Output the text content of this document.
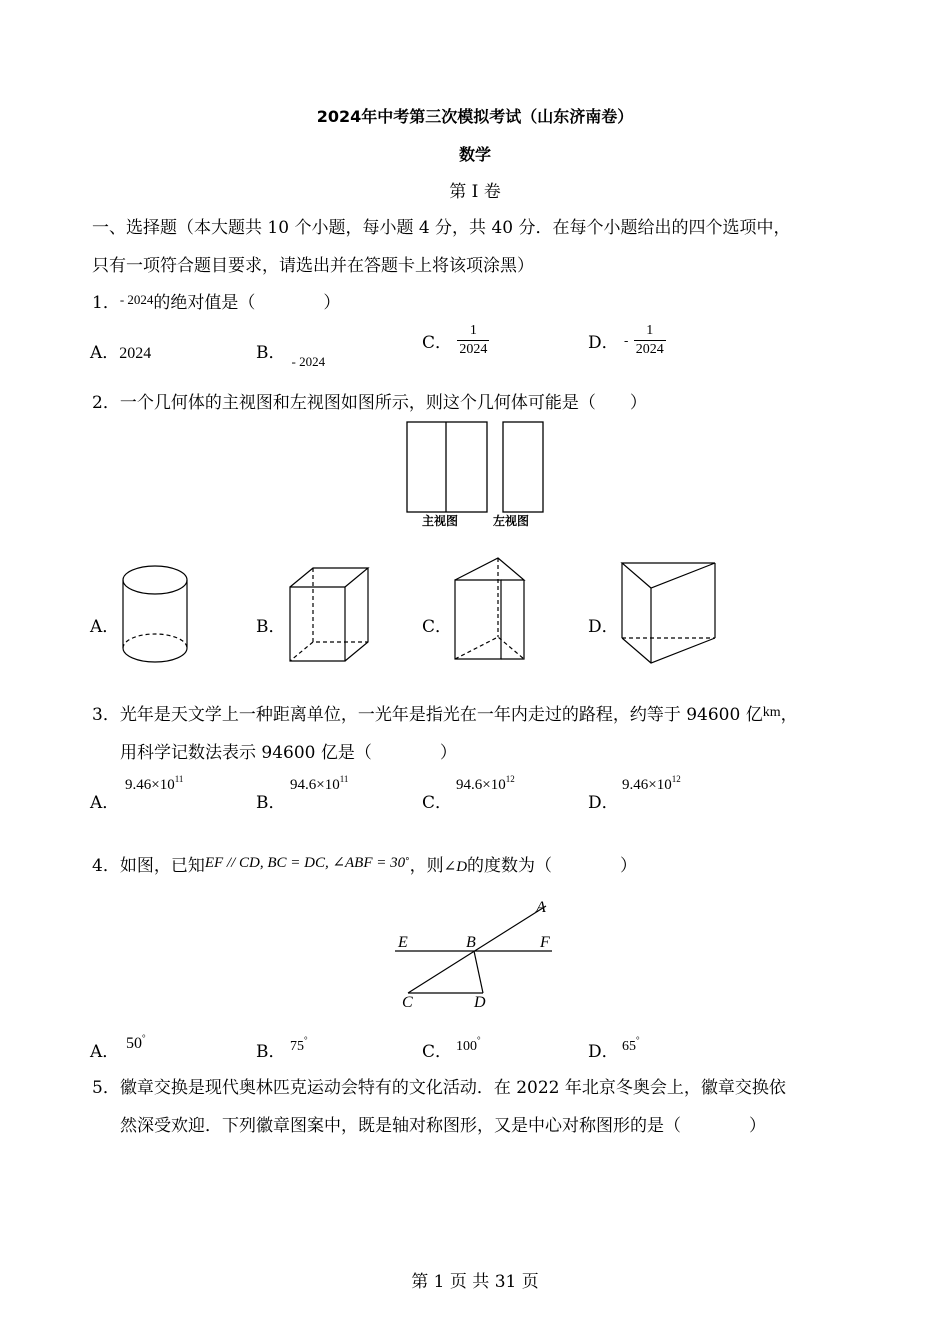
2024年中考第三次模拟考试（山东济南卷）
数学
第 I 卷
一、选择题（本大题共 10 个小题，每小题 4 分，共 40 分．在每个小题给出的四个选项中，
只有一项符合题目要求，请选出并在答题卡上将该项涂黑）
1．$^{- 2024}$的绝对值是（　　　　）
A．2024	B． $_{- 2024}$
C． $\frac{1}{2024}$	D． - $\frac{1}{2024}$
2．一个几何体的主视图和左视图如图所示，则这个几何体可能是（　　）
主视图	左视图
A．	B．	C．	D．
3．光年是天文学上一种距离单位，一光年是指光在一年内走过的路程，约等于 94600 亿$^{km}$，
用科学记数法表示 94600 亿是（　　　　）
A．
$9.46\times 10^{11}$
B．
$94.6\times 10^{11}$
C．
$94.6\times 10^{12}$
D．
$9.46\times 10^{12}$
4．如图，已知EF // CD, BC = DC, ∠ABF = 30°，则∠D的度数为（　　　　）
A
E	B	F
C	D
A． 50°
B． 75°
C． 100°
D． 65°
5．徽章交换是现代奥林匹克运动会特有的文化活动．在 2022 年北京冬奥会上，徽章交换依
然深受欢迎．下列徽章图案中，既是轴对称图形，又是中心对称图形的是（　　　　）
第 1 页 共 31 页
